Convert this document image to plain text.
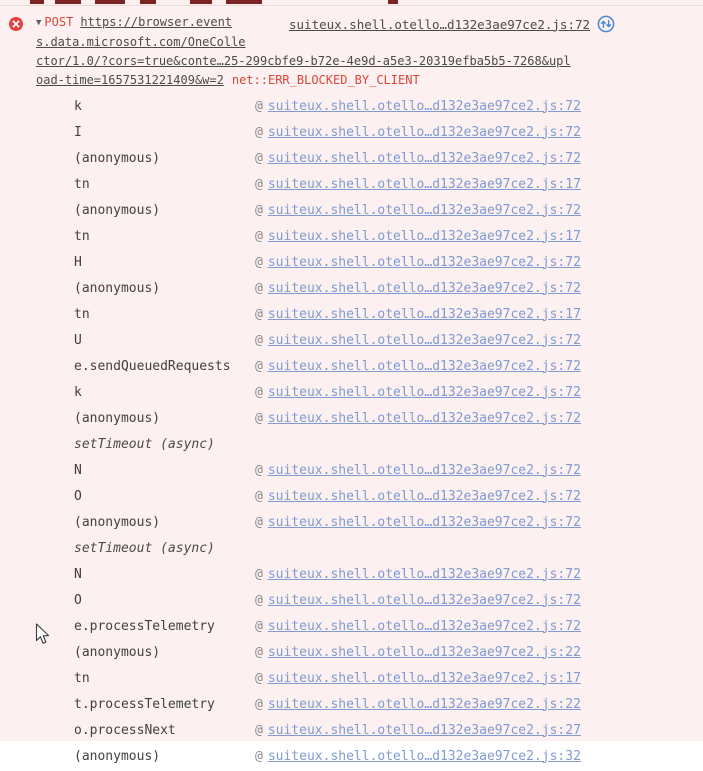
suiteux.shell.otello…d132e3ae97ce2.js:72
▼ POST https://browser.event
s.data.microsoft.com/OneColle
ctor/1.0/?cors=true&conte…25-299cbfe9-b72e-4e9d-a5e3-20319efba5b5-7268&upl
oad-time=1657531221409&w=2 net::ERR_BLOCKED_BY_CLIENT
k	@ suiteux.shell.otello…d132e3ae97ce2.js:72
I	@ suiteux.shell.otello…d132e3ae97ce2.js:72
(anonymous)	@ suiteux.shell.otello…d132e3ae97ce2.js:72
tn	@ suiteux.shell.otello…d132e3ae97ce2.js:17
(anonymous)	@ suiteux.shell.otello…d132e3ae97ce2.js:72
tn	@ suiteux.shell.otello…d132e3ae97ce2.js:17
H	@ suiteux.shell.otello…d132e3ae97ce2.js:72
(anonymous)	@ suiteux.shell.otello…d132e3ae97ce2.js:72
tn	@ suiteux.shell.otello…d132e3ae97ce2.js:17
U	@ suiteux.shell.otello…d132e3ae97ce2.js:72
e.sendQueuedRequests	@ suiteux.shell.otello…d132e3ae97ce2.js:72
k	@ suiteux.shell.otello…d132e3ae97ce2.js:72
(anonymous)	@ suiteux.shell.otello…d132e3ae97ce2.js:72
setTimeout (async)
N	@ suiteux.shell.otello…d132e3ae97ce2.js:72
O	@ suiteux.shell.otello…d132e3ae97ce2.js:72
(anonymous)	@ suiteux.shell.otello…d132e3ae97ce2.js:72
setTimeout (async)
N	@ suiteux.shell.otello…d132e3ae97ce2.js:72
O	@ suiteux.shell.otello…d132e3ae97ce2.js:72
e.processTelemetry	@ suiteux.shell.otello…d132e3ae97ce2.js:72
(anonymous)	@ suiteux.shell.otello…d132e3ae97ce2.js:22
tn	@ suiteux.shell.otello…d132e3ae97ce2.js:17
t.processTelemetry	@ suiteux.shell.otello…d132e3ae97ce2.js:22
o.processNext	@ suiteux.shell.otello…d132e3ae97ce2.js:27
(anonymous)	@ suiteux.shell.otello…d132e3ae97ce2.js:32
